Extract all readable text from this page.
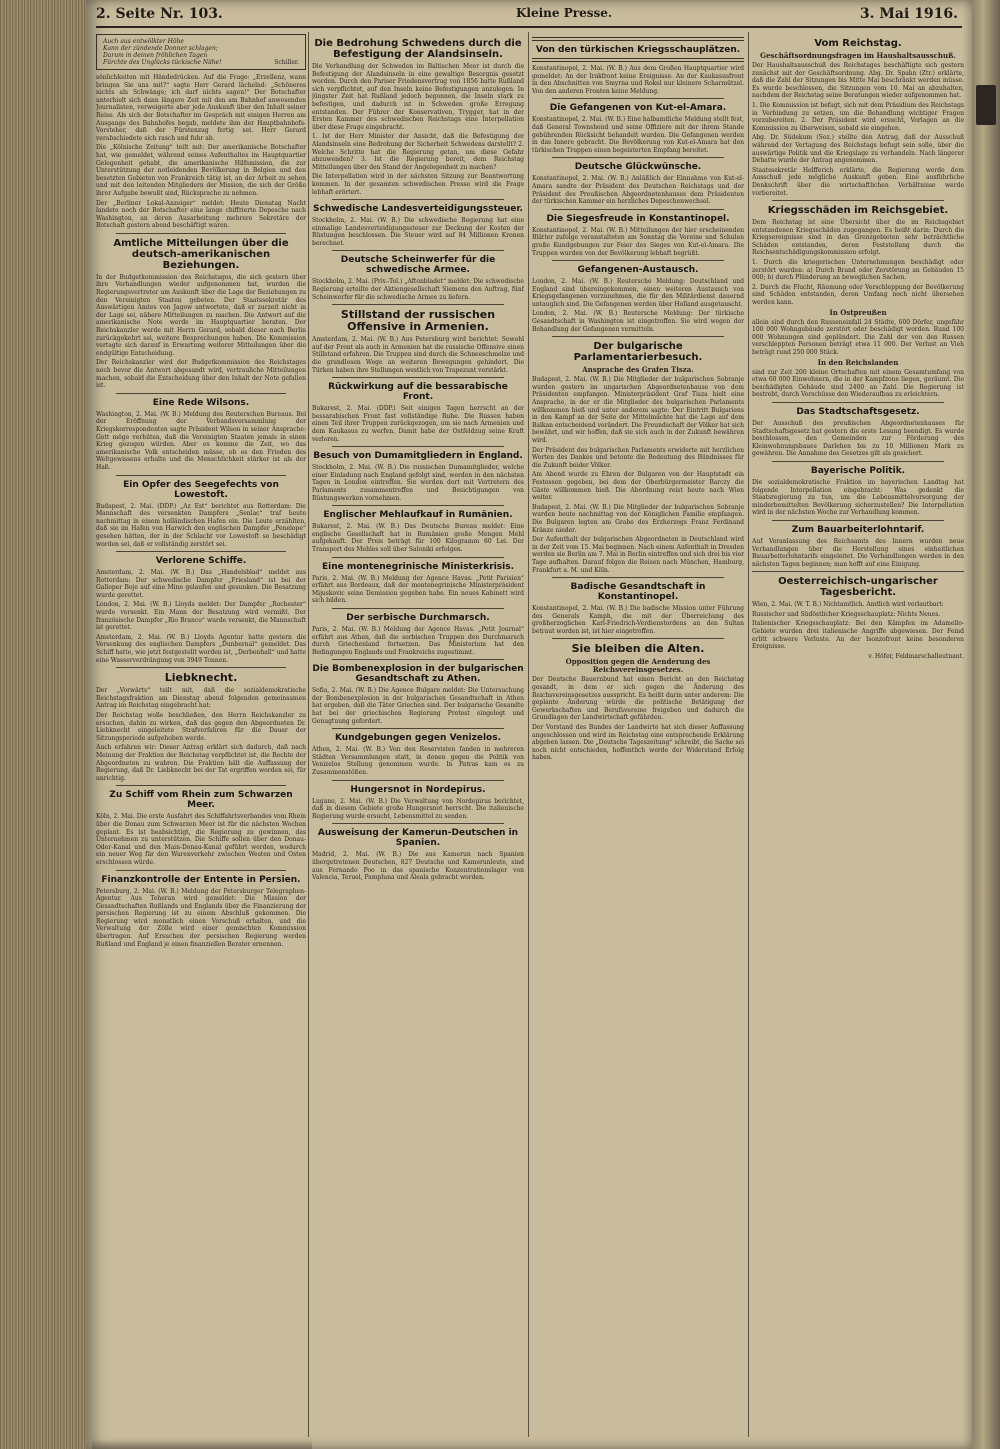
2. Seite Nr. 103.	Kleine Presse.	3. Mai 1916.
Auch aus entwölkter Höhe
Kann der zündende Donner schlagen;
Darum in deinen fröhlichen Tagen
Fürchte des Unglücks tückische Nähe!	Schiller.

sönlichkeiten mit Händedrücken. Auf die Frage: „Erzellenz, wann bringen Sie uns mit?“ sagte Herr Gerard lächelnd: „Schöneres nichts als Schwänge; ich darf nichts sagen!“ Der Botschafter unterhielt sich dann längere Zeit mit den am Bahnhof anwesenden Journalisten, verweigerte aber jede Auskunft über den Inhalt seiner Reise. Als sich der Botschafter im Gespräch mit einigen Herren am Ausgange des Bahnhofes begab, meldete ihm der Hauptbahnhofs-Vorsteher, daß der Fürstenzug fertig sei. Herr Gerard verabschiedete sich rasch und fuhr ab.

Die „Kölnische Zeitung“ teilt mit: Der amerikanische Botschafter hat, wie gemeldet, während seines Aufenthaltes im Hauptquartier Gelegenheit gehabt, die amerikanische Hilfsmission, die zur Unterstützung der notleidenden Bevölkerung in Belgien und den besetzten Gebieten von Frankreich tätig ist, an der Arbeit zu sehen und mit den leitenden Mitgliedern der Mission, die sich der Größe ihrer Aufgabe bewußt sind, Rücksprache zu nehmen.

Der „Berliner Lokal-Anzeiger“ meldet: Heute Dienstag Nacht landete noch der Botschafter eine lange chiffrierte Depesche nach Washington, an deren Ausarbeitung mehrere Sekretäre der Botschaft gestern abend beschäftigt waren.

Amtliche Mitteilungen über die deutsch-amerikanischen Beziehungen.

In der Budgetkommission des Reichstages, die sich gestern über ihre Verhandlungen wieder aufgenommen hat, wurden die Regierungsvertreter um Auskunft über die Lage der Beziehungen zu den Vereinigten Staaten gebeten. Der Staatssekretär des Auswärtigen Amtes von Jagow antwortete, daß er zurzeit nicht in der Lage sei, nähere Mitteilungen zu machen. Die Antwort auf die amerikanische Note werde im Hauptquartier beraten. Der Reichskanzler werde mit Herrn Gerard, sobald dieser nach Berlin zurückgekehrt sei, weitere Besprechungen haben. Die Kommission vertagte sich darauf in Erwartung weiterer Mitteilungen über die endgültige Entscheidung.

Der Reichskanzler wird der Budgetkommission des Reichstages noch bevor die Antwort abgesandt wird, vertrauliche Mitteilungen machen, sobald die Entscheidung über den Inhalt der Note gefallen ist.

Eine Rede Wilsons.

Washington, 2. Mai. (W. B.) Meldung des Reuterschen Bureaus. Bei der Eröffnung der Verbandsversammlung der Kriegskorrespondenten sagte Präsident Wilson in seiner Ansprache: Gott möge verhüten, daß die Vereinigten Staaten jemals in einen Krieg gezogen würden. Aber es komme die Zeit, wo das amerikanische Volk entscheiden müsse, ob es den Frieden des Weltgewissens erhalte und die Menschlichkeit stärker ist als der Haß.

Ein Opfer des Seegefechts von Lowestoft.

Budapest, 2. Mai. (DDP.) „Az Est“ berichtet aus Rotterdam: Die Mannschaft des versenkten Dampfers „Senlac“ traf heute nachmittag in einem holländischen Hafen ein. Die Leute erzählten, daß sie im Hafen von Harwich den englischen Dampfer „Penelope“ gesehen hätten, der in der Schlacht vor Lowestoft so beschädigt worden sei, daß er vollständig zerstört sei.

Verlorene Schiffe.

Amsterdam, 2. Mai. (W. B.) Das „Handelsblad“ meldet aus Rotterdam: Der schwedische Dampfer „Friesland“ ist bei der Galloper Boje auf eine Mine gelaufen und gesunken. Die Besatzung wurde gerettet.

London, 2. Mai. (W. B.) Lloyds meldet: Der Dampfer „Rochester“ wurde versenkt. Ein Mann der Besatzung wird vermißt. Der französische Dampfer „Rio Branco“ wurde versenkt, die Mannschaft ist gerettet.

Amsterdam, 2. Mai. (W. B.) Lloyds Agentur hatte gestern die Versenkung des englischen Dampfers „Dunbernal“ gemeldet. Das Schiff hatte, wie jetzt festgestellt worden ist, „Derbenhall“ und hatte eine Wasserverdrängung von 3949 Tonnen.

Liebknecht.

Der „Vorwärts“ teilt mit, daß die sozialdemokratische Reichstagsfraktion am Dienstag abend folgenden gemeinsamen Antrag im Reichstag eingebracht hat:

Der Reichstag wolle beschließen, den Herrn Reichskanzler zu ersuchen, dahin zu wirken, daß das gegen den Abgeordneten Dr. Liebknecht eingeleitete Strafverfahren für die Dauer der Sitzungsperiode aufgehoben werde.

Auch erfahren wir: Dieser Antrag erklärt sich dadurch, daß nach Meinung der Fraktion der Reichstag verpflichtet ist, die Rechte der Abgeordneten zu wahren. Die Fraktion hält die Auffassung der Regierung, daß Dr. Liebknecht bei der Tat ergriffen worden sei, für unrichtig.

Zu Schiff vom Rhein zum Schwarzen Meer.

Köln, 2. Mai. Die erste Ausfahrt des Schiffahrtsverbandes vom Rhein über die Donau zum Schwarzen Meer ist für die nächsten Wochen geplant. Es ist beabsichtigt, die Regierung zu gewinnen, das Unternehmen zu unterstützen. Die Schiffe sollen über den Donau-Oder-Kanal und den Main-Donau-Kanal geführt werden, wodurch ein neuer Weg für den Warenverkehr zwischen Westen und Osten erschlossen würde.

Finanzkontrolle der Entente in Persien.

Petersburg, 2. Mai. (W. B.) Meldung der Petersburger Telegraphen-Agentur. Aus Teheran wird gemeldet: Die Mission der Gesandtschaften Rußlands und Englands über die Finanzierung der persischen Regierung ist zu einem Abschluß gekommen. Die Regierung wird monatlich einen Vorschuß erhalten, und die Verwaltung der Zölle wird einer gemischten Kommission übertragen. Auf Ersuchen der persischen Regierung werden Rußland und England je einen finanziellen Berater ernennen.

Die Bedrohung Schwedens durch die Befestigung der Alandsinseln.

Die Verhandlung der Schweden im Baltischen Meer ist durch die Befestigung der Alandsinseln in eine gewaltige Besorgnis gesetzt worden. Durch den Pariser Friedensvertrag von 1856 hatte Rußland sich verpflichtet, auf den Inseln keine Befestigungen anzulegen. In jüngster Zeit hat Rußland jedoch begonnen, die Inseln stark zu befestigen, und dadurch ist in Schweden große Erregung entstanden. Der Führer der Konservativen, Trygger, hat in der Ersten Kammer des schwedischen Reichstags eine Interpellation über diese Frage eingebracht.

1. Ist der Herr Minister der Ansicht, daß die Befestigung der Alandsinseln eine Bedrohung der Sicherheit Schwedens darstellt? 2. Welche Schritte hat die Regierung getan, um diese Gefahr abzuwenden? 3. Ist die Regierung bereit, dem Reichstag Mitteilungen über den Stand der Angelegenheit zu machen?

Die Interpellation wird in der nächsten Sitzung zur Beantwortung kommen. In der gesamten schwedischen Presse wird die Frage lebhaft erörtert.

Schwedische Landesverteidigungssteuer.

Stockholm, 2. Mai. (W. B.) Die schwedische Regierung hat eine einmalige Landesverteidigungssteuer zur Deckung der Kosten der Rüstungen beschlossen. Die Steuer wird auf 84 Millionen Kronen berechnet.

Deutsche Scheinwerfer für die schwedische Armee.

Stockholm, 2. Mai. (Priv.-Tel.) „Aftonbladet“ meldet: Die schwedische Regierung erteilte der Aktiengesellschaft Siemens den Auftrag, fünf Scheinwerfer für die schwedische Armee zu liefern.

Stillstand der russischen Offensive in Armenien.

Amsterdam, 2. Mai. (W. B.) Aus Petersburg wird berichtet: Sowohl auf der Front als auch in Armenien hat die russische Offensive einen Stillstand erfahren. Die Truppen sind durch die Schneeschmelze und die grundlosen Wege an weiteren Bewegungen gehindert. Die Türken haben ihre Stellungen westlich von Trapezunt verstärkt.

Rückwirkung auf die bessarabische Front.

Bukarest, 2. Mai. (DDP.) Seit einigen Tagen herrscht an der bessarabischen Front fast vollständige Ruhe. Die Russen haben einen Teil ihrer Truppen zurückgezogen, um sie nach Armenien und dem Kaukasus zu werfen. Damit habe der Ostfeldzug seine Kraft verloren.

Besuch von Dumamitgliedern in England.

Stockholm, 2. Mai. (W. B.) Die russischen Dumamitglieder, welche einer Einladung nach England gefolgt sind, werden in den nächsten Tagen in London eintreffen. Sie werden dort mit Vertretern des Parlaments zusammentreffen und Besichtigungen von Rüstungswerken vornehmen.

Englischer Mehlaufkauf in Rumänien.

Bukarest, 2. Mai. (W. B.) Das Deutsche Bureau meldet: Eine englische Gesellschaft hat in Rumänien große Mengen Mehl aufgekauft. Der Preis beträgt für 100 Kilogramm 60 Lei. Der Transport des Mehles soll über Saloniki erfolgen.

Eine montenegrinische Ministerkrisis.

Paris, 2. Mai. (W. B.) Meldung der Agence Havas. „Petit Parisien“ erfährt aus Bordeaux, daß der montenegrinische Ministerpräsident Mijuskovic seine Demission gegeben habe. Ein neues Kabinett wird sich bilden.

Der serbische Durchmarsch.

Paris, 2. Mai. (W. B.) Meldung der Agence Havas. „Petit Journal“ erfährt aus Athen, daß die serbischen Truppen den Durchmarsch durch Griechenland fortsetzen. Das Ministerium hat den Bedingungen Englands und Frankreichs zugestimmt.

Die Bombenexplosion in der bulgarischen Gesandtschaft zu Athen.

Sofia, 2. Mai. (W. B.) Die Agence Bulgare meldet: Die Untersuchung der Bombenexplosion in der bulgarischen Gesandtschaft in Athen hat ergeben, daß die Täter Griechen sind. Der bulgarische Gesandte hat bei der griechischen Regierung Protest eingelegt und Genugtuung gefordert.

Kundgebungen gegen Venizelos.

Athen, 2. Mai. (W. B.) Von den Reservisten fanden in mehreren Städten Versammlungen statt, in denen gegen die Politik von Venizelos Stellung genommen wurde. In Patras kam es zu Zusammenstößen.

Hungersnot in Nordepirus.

Lugano, 2. Mai. (W. B.) Die Verwaltung von Nordepirus berichtet, daß in diesem Gebiete große Hungersnot herrscht. Die italienische Regierung wurde ersucht, Lebensmittel zu senden.

Ausweisung der Kamerun-Deutschen in Spanien.

Madrid, 2. Mai. (W. B.) Die aus Kamerun nach Spanien übergetretenen Deutschen, 827 Deutsche und Kamerunleute, sind aus Fernando Poo in das spanische Konzentrationslager von Valencia, Teruel, Pampluna und Aleala gebracht worden.

Von den türkischen Kriegsschauplätzen.

Konstantinopel, 2. Mai. (W. B.) Aus dem Großen Hauptquartier wird gemeldet: An der Irakfront keine Ereignisse. An der Kaukasusfront in den Abschnitten von Smyrna und Rokel nur kleinere Scharmützel. Von den anderen Fronten keine Meldung.

Die Gefangenen von Kut-el-Amara.

Konstantinopel, 2. Mai. (W. B.) Eine halbamtliche Meldung stellt fest, daß General Townshend und seine Offiziere mit der ihrem Stande gebührenden Rücksicht behandelt wurden. Die Gefangenen werden in das Innere gebracht. Die Bevölkerung von Kut-el-Amara hat den türkischen Truppen einen begeisterten Empfang bereitet.

Deutsche Glückwünsche.

Konstantinopel, 2. Mai. (W. B.) Anläßlich der Einnahme von Kut-el-Amara sandte der Präsident des Deutschen Reichstags und der Präsident des Preußischen Abgeordnetenhauses dem Präsidenten der türkischen Kammer ein herzliches Depeschenwechsel.

Die Siegesfreude in Konstantinopel.

Konstantinopel, 2. Mai. (W. B.) Mitteilungen der hier erscheinenden Blätter zufolge veranstalteten am Sonntag die Vereine und Schulen große Kundgebungen zur Feier des Sieges von Kut-el-Amara. Die Truppen wurden von der Bevölkerung lebhaft begrüßt.

Gefangenen-Austausch.

London, 2. Mai. (W. B.) Reutersche Meldung: Deutschland und England sind übereingekommen, einen weiteren Austausch von Kriegsgefangenen vorzunehmen, die für den Militärdienst dauernd untauglich sind. Die Gefangenen werden über Holland ausgetauscht.

London, 2. Mai. (W. B.) Reutersche Meldung: Der türkische Gesandtschaft in Washington ist eingetroffen. Sie wird wegen der Behandlung der Gefangenen vermitteln.

Der bulgarische Parlamentarierbesuch.
Ansprache des Grafen Tisza.

Budapest, 2. Mai. (W. B.) Die Mitglieder der bulgarischen Sobranje wurden gestern im ungarischen Abgeordnetenhause von dem Präsidenten empfangen. Ministerpräsident Graf Tisza hielt eine Ansprache, in der er die Mitglieder des bulgarischen Parlaments willkommen hieß und unter anderem sagte: Der Eintritt Bulgariens in den Kampf an der Seite der Mittelmächte hat die Lage auf dem Balkan entscheidend verändert. Die Freundschaft der Völker hat sich bewährt, und wir hoffen, daß sie sich auch in der Zukunft bewähren wird.

Der Präsident des bulgarischen Parlaments erwiderte mit herzlichen Worten des Dankes und betonte die Bedeutung des Bündnisses für die Zukunft beider Völker.

Am Abend wurde zu Ehren der Bulgaren von der Hauptstadt ein Festessen gegeben, bei dem der Oberbürgermeister Barczy die Gäste willkommen hieß. Die Abordnung reist heute nach Wien weiter.

Budapest, 2. Mai. (W. B.) Die Mitglieder der bulgarischen Sobranje wurden heute nachmittag von der Königlichen Familie empfangen. Die Bulgaren legten am Grabe des Erzherzogs Franz Ferdinand Kränze nieder.

Der Aufenthalt der bulgarischen Abgeordneten in Deutschland wird in der Zeit vom 15. Mai beginnen. Nach einem Aufenthalt in Dresden werden sie Berlin am 7. Mai in Berlin eintreffen und sich drei bis vier Tage aufhalten. Darauf folgen die Reisen nach München, Hamburg, Frankfurt a. M. und Köln.

Badische Gesandtschaft in Konstantinopel.

Konstantinopel, 2. Mai. (W. B.) Die badische Mission unter Führung des Generals Kamph, die mit der Überreichung des großherzoglichen Karl-Friedrich-Verdienstordens an den Sultan betraut worden ist, ist hier eingetroffen.

Sie bleiben die Alten.
Opposition gegen die Aenderung des Reichsvereinsgesetzes.

Der Deutsche Bauernbund hat einen Bericht an den Reichstag gesandt, in dem er sich gegen die Änderung des Reichsvereinsgesetzes ausspricht. Es heißt darin unter anderem: Die geplante Änderung würde die politische Betätigung der Gewerkschaften und Berufsvereine freigeben und dadurch die Grundlagen der Landwirtschaft gefährden.

Der Vorstand des Bundes der Landwirte hat sich dieser Auffassung angeschlossen und wird im Reichstag eine entsprechende Erklärung abgeben lassen. Die „Deutsche Tageszeitung“ schreibt, die Sache sei noch nicht entschieden, hoffentlich werde der Widerstand Erfolg haben.

Vom Reichstag.
Geschäftsordnungsfragen im Haushaltsausschuß.

Der Haushaltsausschuß des Reichstages beschäftigte sich gestern zunächst mit der Geschäftsordnung. Abg. Dr. Spahn (Ztr.) erklärte, daß die Zahl der Sitzungen bis Mitte Mai beschränkt werden müsse. Es wurde beschlossen, die Sitzungen vom 10. Mai an abzuhalten, nachdem der Reichstag seine Beratungen wieder aufgenommen hat.

1. Die Kommission ist befugt, sich mit dem Präsidium des Reichstags in Verbindung zu setzen, um die Behandlung wichtiger Fragen vorzubereiten. 2. Der Präsident wird ersucht, Vorlagen an die Kommission zu überweisen, sobald sie eingehen.

Abg. Dr. Südekum (Soz.) stellte den Antrag, daß der Ausschuß während der Vertagung des Reichstags befugt sein solle, über die auswärtige Politik und die Kriegslage zu verhandeln. Nach längerer Debatte wurde der Antrag angenommen.

Staatssekretär Helfferich erklärte, die Regierung werde dem Ausschuß jede mögliche Auskunft geben. Eine ausführliche Denkschrift über die wirtschaftlichen Verhältnisse werde vorbereitet.

Kriegsschäden im Reichsgebiet.

Dem Reichstag ist eine Übersicht über die im Reichsgebiet entstandenen Kriegsschäden zugegangen. Es heißt darin: Durch die Kriegsereignisse sind in den Grenzgebieten sehr beträchtliche Schäden entstanden, deren Feststellung durch die Reichsentschädigungskommission erfolgt.

1. Durch die kriegerischen Unternehmungen beschädigt oder zerstört wurden: a) Durch Brand oder Zerstörung an Gebäuden 15 000; b) durch Plünderung an beweglichen Sachen.

2. Durch die Flucht, Räumung oder Verschleppung der Bevölkerung sind Schäden entstanden, deren Umfang noch nicht übersehen werden kann.

In Ostpreußen

allein sind durch den Russeneinfall 24 Städte, 600 Dörfer, ungefähr 100 000 Wohngebäude zerstört oder beschädigt worden. Rund 100 000 Wohnungen sind geplündert. Die Zahl der von den Russen verschleppten Personen beträgt etwa 11 000. Der Verlust an Vieh beträgt rund 250 000 Stück.

In den Reichslanden

sind zur Zeit 200 kleine Ortschaften mit einem Gesamtumfang von etwa 60 000 Einwohnern, die in der Kampfzone liegen, geräumt. Die beschädigten Gebäude sind 2400 an Zahl. Die Regierung ist bestrebt, durch Vorschüsse den Wiederaufbau zu erleichtern.

Das Stadtschaftsgesetz.

Der Ausschuß des preußischen Abgeordnetenhauses für Stadtschaftsgesetz hat gestern die erste Lesung beendigt. Es wurde beschlossen, den Gemeinden zur Förderung des Kleinwohnungsbaues Darlehen bis zu 10 Millionen Mark zu gewähren. Die Annahme des Gesetzes gilt als gesichert.

Bayerische Politik.

Die sozialdemokratische Fraktion im bayerischen Landtag hat folgende Interpellation eingebracht: Was gedenkt die Staatsregierung zu tun, um die Lebensmittelversorgung der minderbemittelten Bevölkerung sicherzustellen? Die Interpellation wird in der nächsten Woche zur Verhandlung kommen.

Zum Bauarbeiterlohntarif.

Auf Veranlassung des Reichsamts des Innern wurden neue Verhandlungen über die Herstellung eines einheitlichen Bauarbeiterlohntarifs eingeleitet. Die Verhandlungen werden in den nächsten Tagen beginnen; man hofft auf eine Einigung.

Oesterreichisch-ungarischer Tagesbericht.

Wien, 2. Mai. (W. T. B.) Nichtamtlich. Amtlich wird verlautbart:

Russischer und Südöstlicher Kriegsschauplatz: Nichts Neues.

Italienischer Kriegsschauplatz: Bei den Kämpfen im Adamello-Gebiete wurden drei italienische Angriffe abgewiesen. Der Feind erlitt schwere Verluste. An der Isonzofront keine besonderen Ereignisse.

v. Höfer, Feldmarschalleutnant.
